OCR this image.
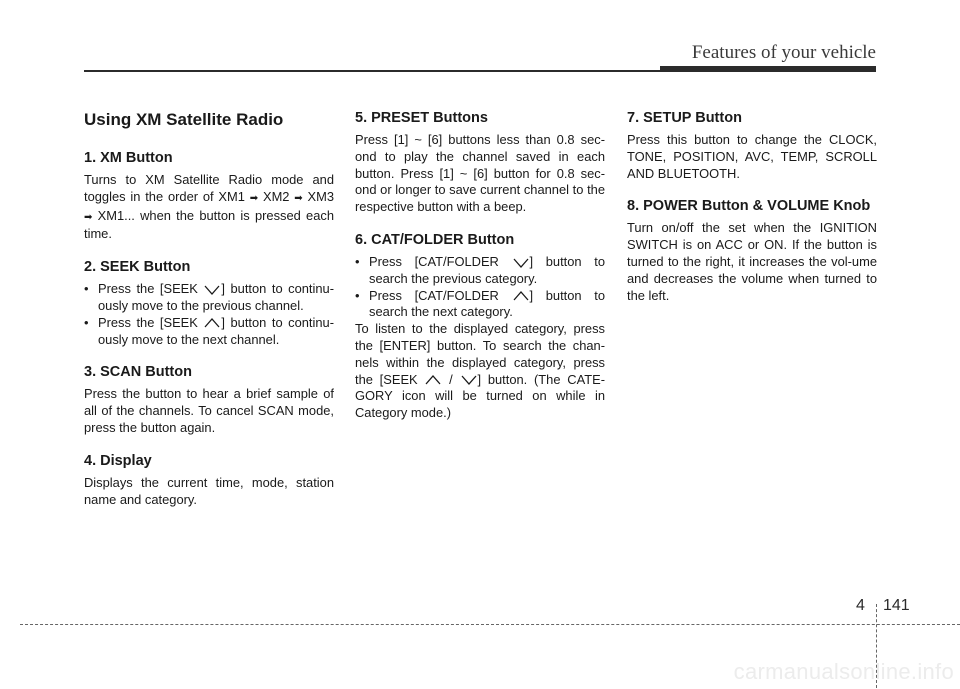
Features of your vehicle
Using XM Satellite Radio
1. XM Button

Turns to XM Satellite Radio mode and toggles in the order of XM1 ➡ XM2 ➡ XM3 ➡ XM1... when the button is pressed each time.

2. SEEK Button
• Press the [SEEK
] button to continu-ously move to the previous channel.
• Press the [SEEK
] button to continu-ously move to the next channel.
3. SCAN Button

Press the button to hear a brief sample of all of the channels. To cancel SCAN mode, press the button again.

4. Display

Displays the current time, mode, station name and category.

5. PRESET Buttons

Press [1] ~ [6] buttons less than 0.8 sec-ond to play the channel saved in each button. Press [1] ~ [6] button for 0.8 sec-ond or longer to save current channel to the respective button with a beep.

6. CAT/FOLDER Button
• Press [CAT/FOLDER
] button to search the previous category.
• Press [CAT/FOLDER
] button to search the next category.

To listen to the displayed category, press the [ENTER] button. To search the chan-nels within the displayed category, press the [SEEK
/
] button. (The CATE-GORY icon will be turned on while in Category mode.)

7. SETUP Button

Press this button to change the CLOCK, TONE, POSITION, AVC, TEMP, SCROLL AND BLUETOOTH.

8. POWER Button & VOLUME Knob

Turn on/off the set when the IGNITION SWITCH is on ACC or ON. If the button is turned to the right, it increases the vol-ume and decreases the volume when turned to the left.

4 141
carmanualsonline.info
